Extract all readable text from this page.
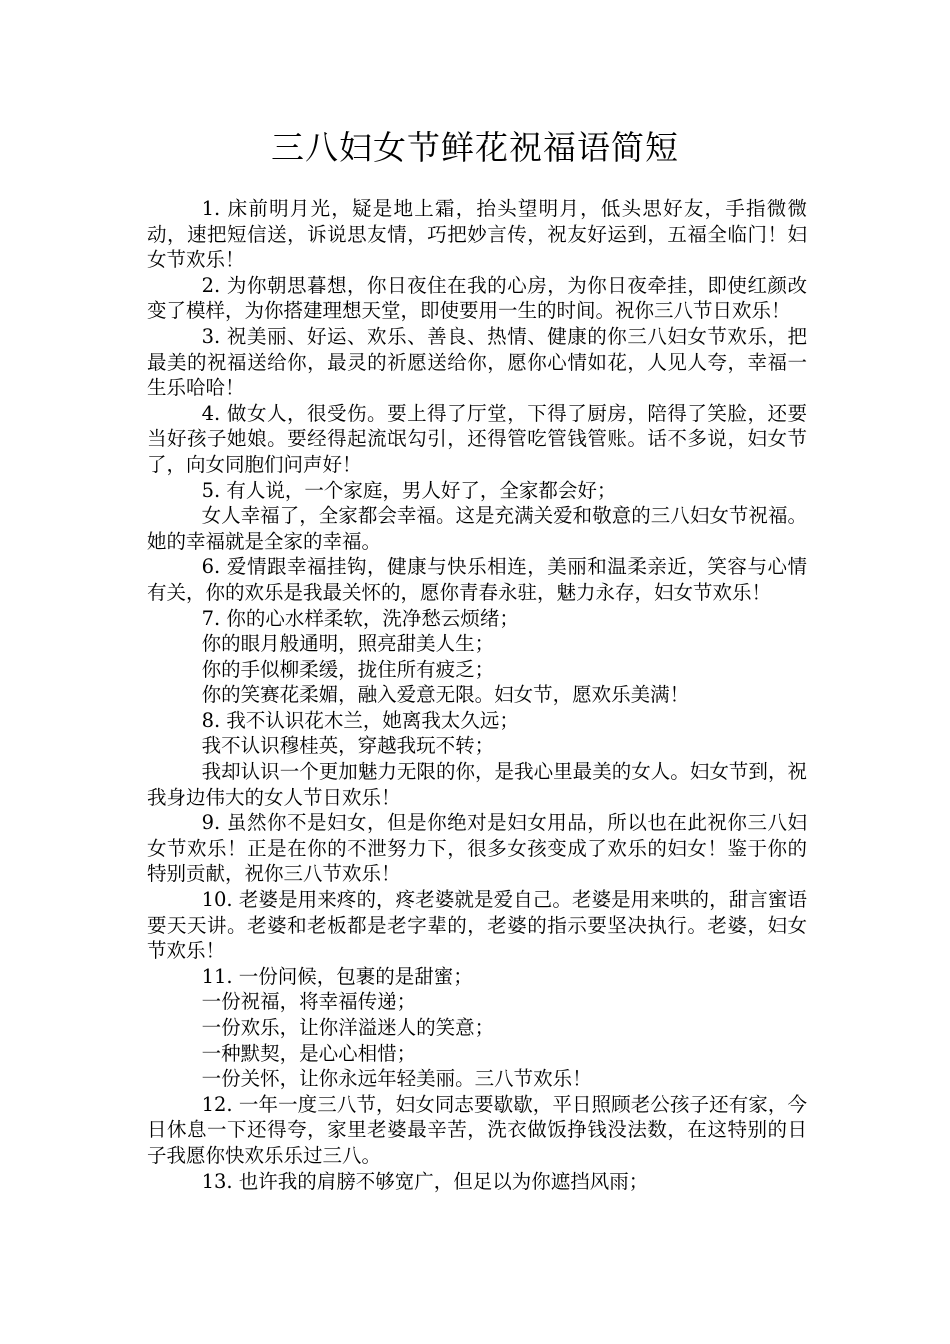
三八妇女节鲜花祝福语简短

1. 床前明月光，疑是地上霜，抬头望明月，低头思好友，手指微微动，速把短信送，诉说思友情，巧把妙言传，祝友好运到，五福全临门！妇女节欢乐！

2. 为你朝思暮想，你日夜住在我的心房，为你日夜牵挂，即使红颜改变了模样，为你搭建理想天堂，即使要用一生的时间。祝你三八节日欢乐！

3. 祝美丽、好运、欢乐、善良、热情、健康的你三八妇女节欢乐，把最美的祝福送给你，最灵的祈愿送给你，愿你心情如花，人见人夸，幸福一生乐哈哈！

4. 做女人，很受伤。要上得了厅堂，下得了厨房，陪得了笑脸，还要当好孩子她娘。要经得起流氓勾引，还得管吃管钱管账。话不多说，妇女节了，向女同胞们问声好！

5. 有人说，一个家庭，男人好了，全家都会好；

女人幸福了，全家都会幸福。这是充满关爱和敬意的三八妇女节祝福。她的幸福就是全家的幸福。

6. 爱情跟幸福挂钩，健康与快乐相连，美丽和温柔亲近，笑容与心情有关，你的欢乐是我最关怀的，愿你青春永驻，魅力永存，妇女节欢乐！

7. 你的心水样柔软，洗净愁云烦绪；

你的眼月般通明，照亮甜美人生；

你的手似柳柔缓，拢住所有疲乏；

你的笑赛花柔媚，融入爱意无限。妇女节，愿欢乐美满！

8. 我不认识花木兰，她离我太久远；

我不认识穆桂英，穿越我玩不转；

我却认识一个更加魅力无限的你，是我心里最美的女人。妇女节到，祝我身边伟大的女人节日欢乐！

9. 虽然你不是妇女，但是你绝对是妇女用品，所以也在此祝你三八妇女节欢乐！正是在你的不泄努力下，很多女孩变成了欢乐的妇女！鉴于你的特别贡献，祝你三八节欢乐！

10. 老婆是用来疼的，疼老婆就是爱自己。老婆是用来哄的，甜言蜜语要天天讲。老婆和老板都是老字辈的，老婆的指示要坚决执行。老婆，妇女节欢乐！

11. 一份问候，包裹的是甜蜜；

一份祝福，将幸福传递；

一份欢乐，让你洋溢迷人的笑意；

一种默契，是心心相惜；

一份关怀，让你永远年轻美丽。三八节欢乐！

12. 一年一度三八节，妇女同志要歇歇，平日照顾老公孩子还有家，今日休息一下还得夸，家里老婆最辛苦，洗衣做饭挣钱没法数，在这特别的日子我愿你快欢乐乐过三八。

13. 也许我的肩膀不够宽广，但足以为你遮挡风雨；
